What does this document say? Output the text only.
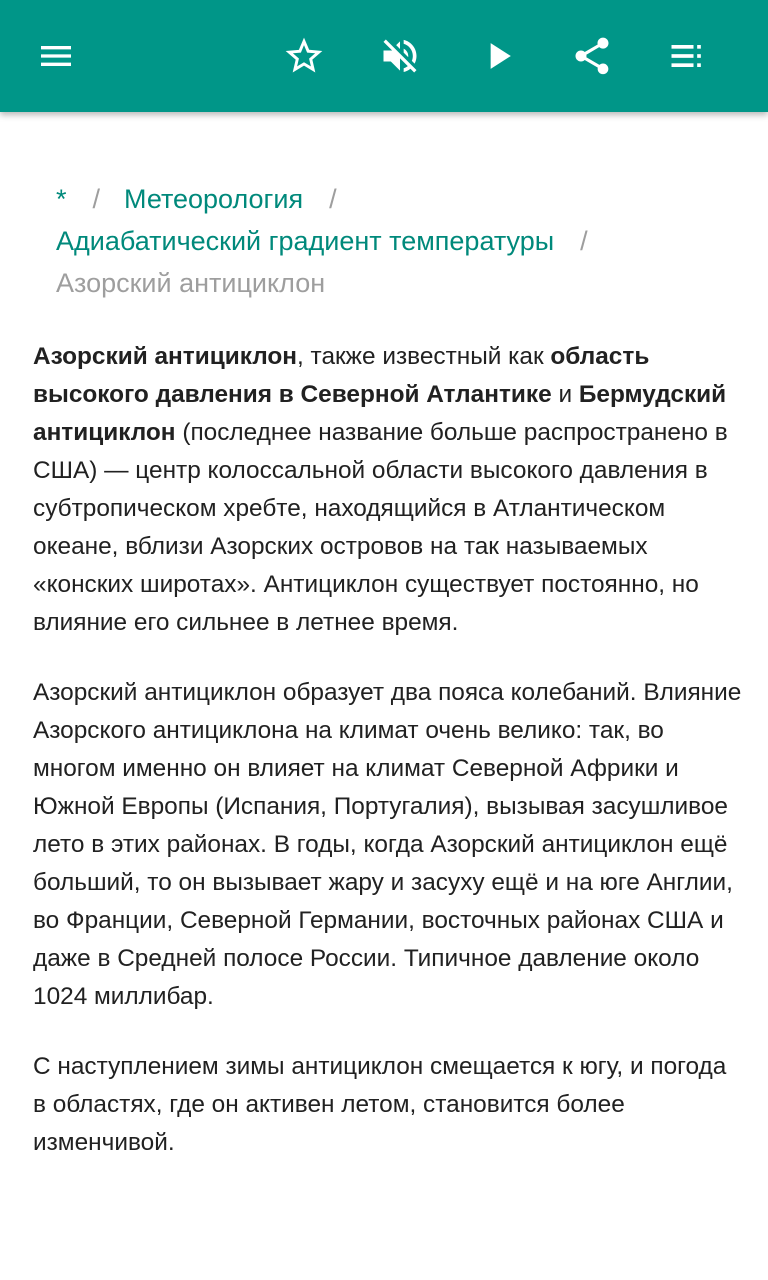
* / Метеорология /
Адиабатический градиент температуры /
Азорский антициклон

Азорский антициклон, также известный как область высокого давления в Северной Атлантике и Бермудский антициклон (последнее название больше распространено в США) — центр колоссальной области высокого давления в субтропическом хребте, находящийся в Атлантическом океане, вблизи Азорских островов на так называемых «конских широтах». Антициклон существует постоянно, но влияние его сильнее в летнее время.

Азорский антициклон образует два пояса колебаний. Влияние Азорского антициклона на климат очень велико: так, во многом именно он влияет на климат Северной Африки и Южной Европы (Испания, Португалия), вызывая засушливое лето в этих районах. В годы, когда Азорский антициклон ещё больший, то он вызывает жару и засуху ещё и на юге Англии, во Франции, Северной Германии, восточных районах США и даже в Средней полосе России. Типичное давление около 1024 миллибар.

С наступлением зимы антициклон смещается к югу, и погода в областях, где он активен летом, становится более изменчивой.
